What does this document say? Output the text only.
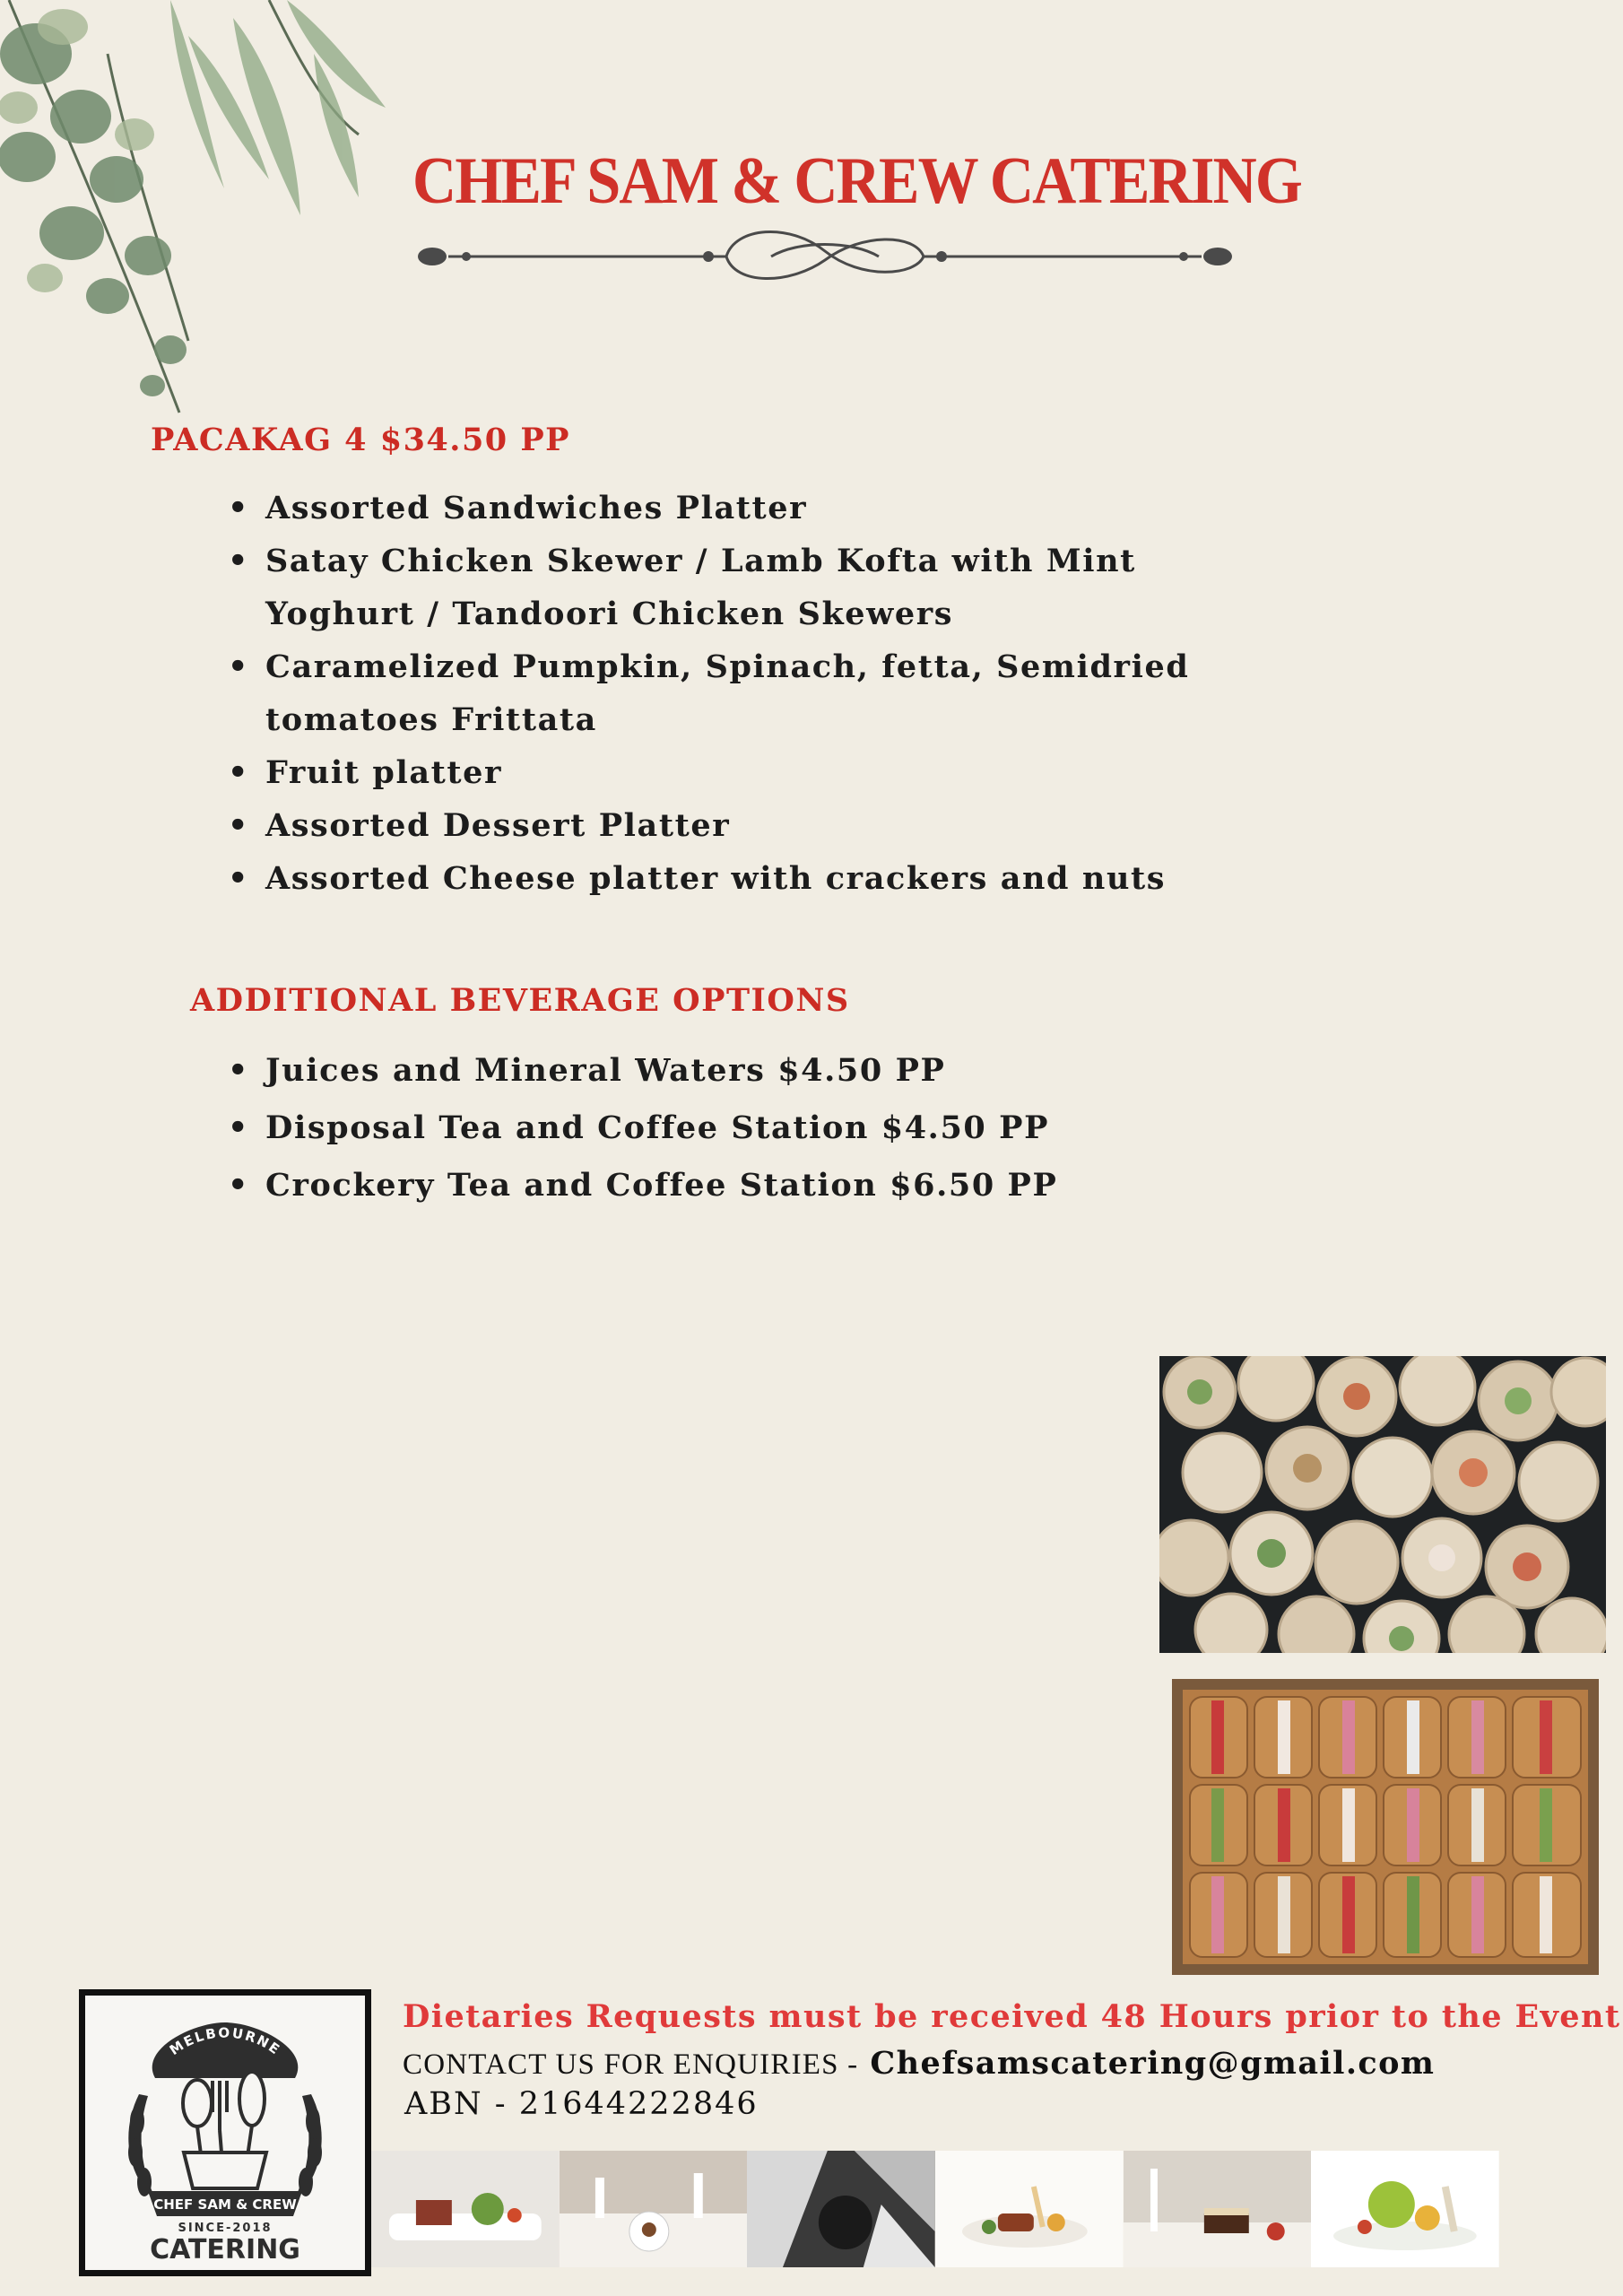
CHEF SAM & CREW CATERING
PACAKAG 4 $34.50 PP
• Assorted Sandwiches Platter
• Satay Chicken Skewer / Lamb Kofta with Mint Yoghurt / Tandoori Chicken Skewers
• Caramelized Pumpkin, Spinach, fetta, Semidried tomatoes Frittata
• Fruit platter
• Assorted Dessert Platter
• Assorted Cheese platter with crackers and nuts
ADDITIONAL BEVERAGE OPTIONS
• Juices and Mineral Waters $4.50 PP
• Disposal Tea and Coffee Station $4.50 PP
• Crockery Tea and Coffee Station $6.50 PP
MELBOURNE
CHEF SAM & CREW
SINCE-2018
CATERING
Dietaries Requests must be received 48 Hours prior to the Event
CONTACT US FOR ENQUIRIES - Chefsamscatering@gmail.com
ABN - 21644222846
